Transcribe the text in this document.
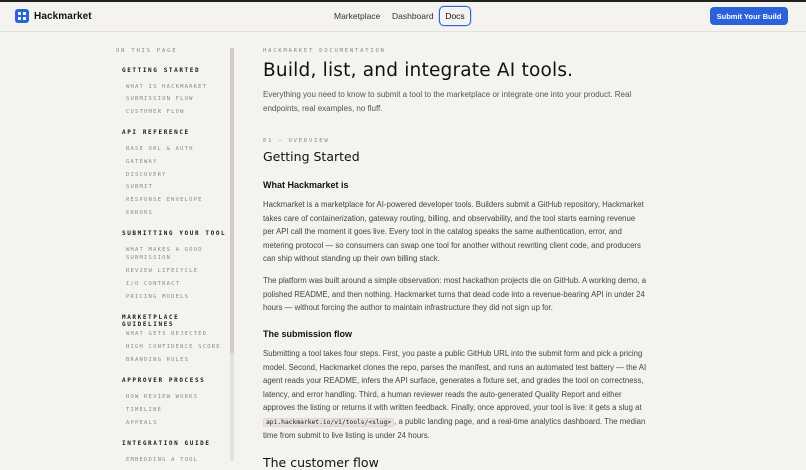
Hackmarket	Marketplace Dashboard	Docs	Submit Your Build
ON THIS PAGE
GETTING STARTED
WHAT IS HACKMARKET
SUBMISSION FLOW
CUSTOMER FLOW
API REFERENCE
BASE URL & AUTH
GATEWAY
DISCOVERY
SUBMIT
RESPONSE ENVELOPE
ERRORS
SUBMITTING YOUR TOOL
WHAT MAKES A GOOD
SUBMISSION
REVIEW LIFECYCLE
I/O CONTRACT
PRICING MODELS
MARKETPLACE GUIDELINES
WHAT GETS REJECTED
HIGH CONFIDENCE SCORE
BRANDING RULES
APPROVER PROCESS
HOW REVIEW WORKS
TIMELINE
APPEALS
INTEGRATION GUIDE
EMBEDDING A TOOL
HACKMARKET DOCUMENTATION
Build, list, and integrate AI tools.

Everything you need to know to submit a tool to the marketplace or integrate one into your product. Real endpoints, real examples, no fluff.

01 — OVERVIEW
Getting Started
What Hackmarket is

Hackmarket is a marketplace for AI-powered developer tools. Builders submit a GitHub repository, Hackmarket takes care of containerization, gateway routing, billing, and observability, and the tool starts earning revenue per API call the moment it goes live. Every tool in the catalog speaks the same authentication, error, and metering protocol — so consumers can swap one tool for another without rewriting client code, and producers can ship without standing up their own billing stack.

The platform was built around a simple observation: most hackathon projects die on GitHub. A working demo, a polished README, and then nothing. Hackmarket turns that dead code into a revenue-bearing API in under 24 hours — without forcing the author to maintain infrastructure they did not sign up for.

The submission flow

Submitting a tool takes four steps. First, you paste a public GitHub URL into the submit form and pick a pricing model. Second, Hackmarket clones the repo, parses the manifest, and runs an automated test battery — the AI agent reads your README, infers the API surface, generates a fixture set, and grades the tool on correctness, latency, and error handling. Third, a human reviewer reads the auto-generated Quality Report and either approves the listing or returns it with written feedback. Finally, once approved, your tool is live: it gets a slug at api.hackmarket.io/v1/tools/<slug> , a public landing page, and a real-time analytics dashboard. The median time from submit to live listing is under 24 hours.

The customer flow
